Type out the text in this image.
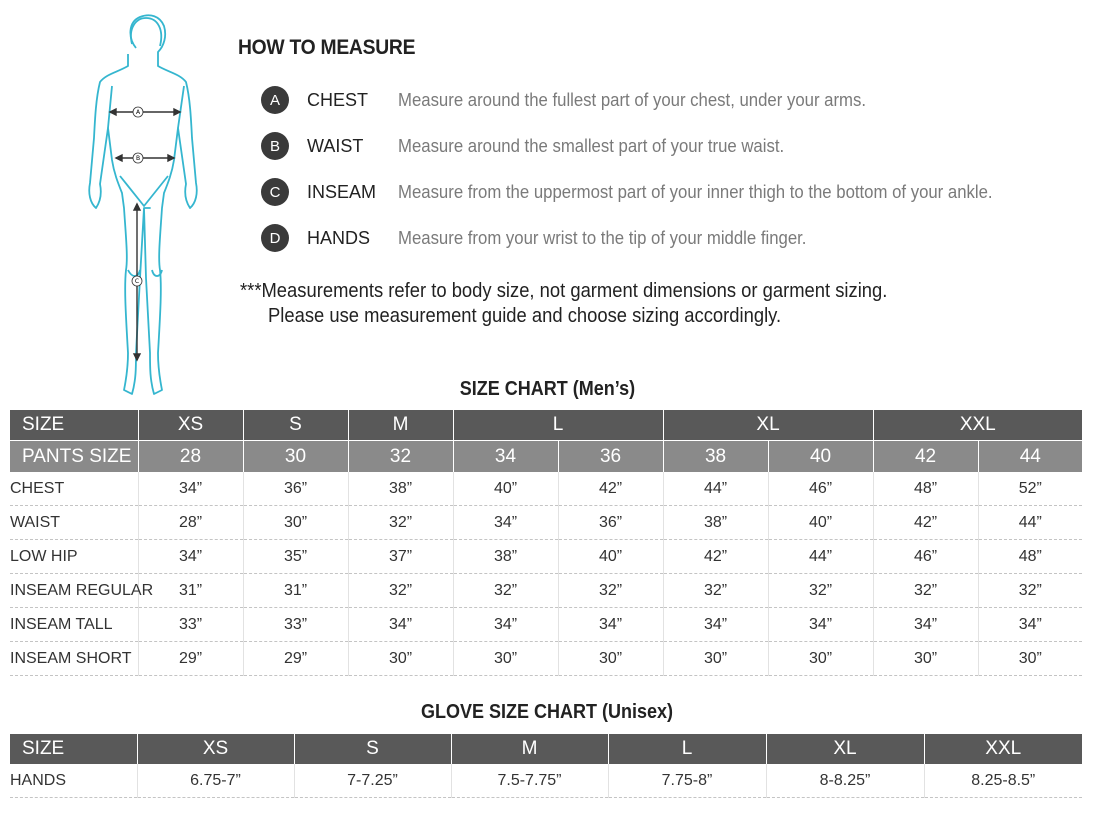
A
B
C
HOW TO MEASURE
A	CHEST	Measure around the fullest part of your chest, under your arms.
B	WAIST	Measure around the smallest part of your true waist.
C	INSEAM	Measure from the uppermost part of your inner thigh to the bottom of your ankle.
D	HANDS	Measure from your wrist to the tip of your middle finger.
***Measurements refer to body size, not garment dimensions or garment sizing.
Please use measurement guide and choose sizing accordingly.
SIZE CHART (Men’s)
SIZE	XS	S	M	L		XL		XXL	
PANTS SIZE	28	30	32	34	36	38	40	42	44
CHEST	34”	36”	38”	40”	42”	44”	46”	48”	52”
WAIST	28”	30”	32”	34”	36”	38”	40”	42”	44”
LOW HIP	34”	35”	37”	38”	40”	42”	44”	46”	48”
INSEAM REGULAR	31”	31”	32”	32”	32”	32”	32”	32”	32”
INSEAM TALL	33”	33”	34”	34”	34”	34”	34”	34”	34”
INSEAM SHORT	29”	29”	30”	30”	30”	30”	30”	30”	30”
GLOVE SIZE CHART (Unisex)
SIZE	XS	S	M	L	XL	XXL
HANDS	6.75-7”	7-7.25”	7.5-7.75”	7.75-8”	8-8.25”	8.25-8.5”
